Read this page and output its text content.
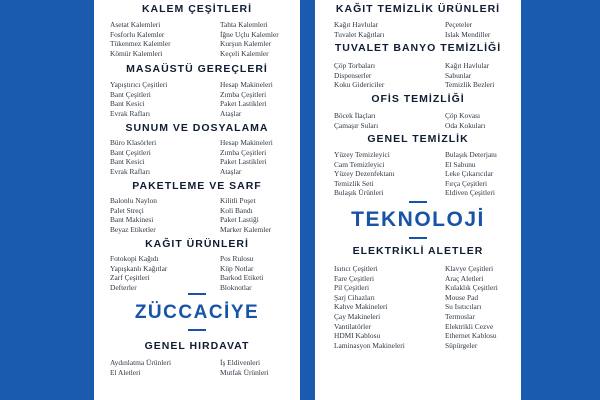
KALEM ÇEŞİTLERİ
Asetat Kalemleri
Fosforlu Kalemler
Tükenmez Kalemler
Kömür Kalemleri
Tahta Kalemleri
İğne Uçlu Kalemler
Kurşun Kalemler
Keçeli Kalemler
MASAÜSTÜ GEREÇLERİ
Yapıştırıcı Çeşitleri
Bant Çeşitleri
Bant Kesici
Evrak Rafları
Hesap Makineleri
Zımba Çeşitleri
Paket Lastikleri
Ataşlar
SUNUM VE DOSYALAMA
Büro Klasörleri
Bant Çeşitleri
Bant Kesici
Evrak Rafları
Hesap Makineleri
Zımba Çeşitleri
Paket Lastikleri
Ataşlar
PAKETLEME VE SARF
Balonlu Naylon
Palet Streçi
Bant Makinesi
Beyaz Etiketler
Kilitli Poşet
Koli Bandı
Paket Lastiği
Marker Kalemler
KAĞIT ÜRÜNLERİ
Fotokopi Kağıdı
Yapışkanlı Kağıtlar
Zarf Çeşitleri
Defterler
Pos Rulosu
Küp Notlar
Barkod Etiketi
Bloknotlar
ZÜCCACİYE
GENEL HIRDAVAT
Aydınlatma Ürünleri
El Aletleri
İş Eldivenleri
Mutfak Ürünleri
KAĞIT TEMİZLİK ÜRÜNLERİ
Kağıt Havlular
Tuvalet Kağıtları
Peçeteler
Islak Mendiller
TUVALET BANYO TEMİZLİĞİ
Çöp Torbaları
Dispenserler
Koku Gidericiler
Kağıt Havlular
Sabunlar
Temizlik Bezleri
OFİS TEMİZLİĞİ
Böcek İlaçları
Çamaşır Suları
Çöp Kovası
Oda Kokuları
GENEL TEMİZLİK
Yüzey Temizleyici
Cam Temizleyici
Yüzey Dezenfektanı
Temizlik Seti
Bulaşık Ürünleri
Bulaşık Deterjanı
El Sabunu
Leke Çıkarıcılar
Fırça Çeşitleri
Eldiven Çeşitleri
TEKNOLOJİ
ELEKTRİKLİ ALETLER
Isıtıcı Çeşitleri
Fare Çeşitleri
Pil Çeşitleri
Şarj Cihazları
Kahve Makineleri
Çay Makineleri
Vantilatörler
HDMI Kablosu
Laminasyon Makineleri
Klavye Çeşitleri
Araç Aletleri
Kulaklık Çeşitleri
Mouse Pad
Su Isıtıcıları
Termoslar
Elektrikli Cezve
Ethernet Kablosu
Süpürgeler
